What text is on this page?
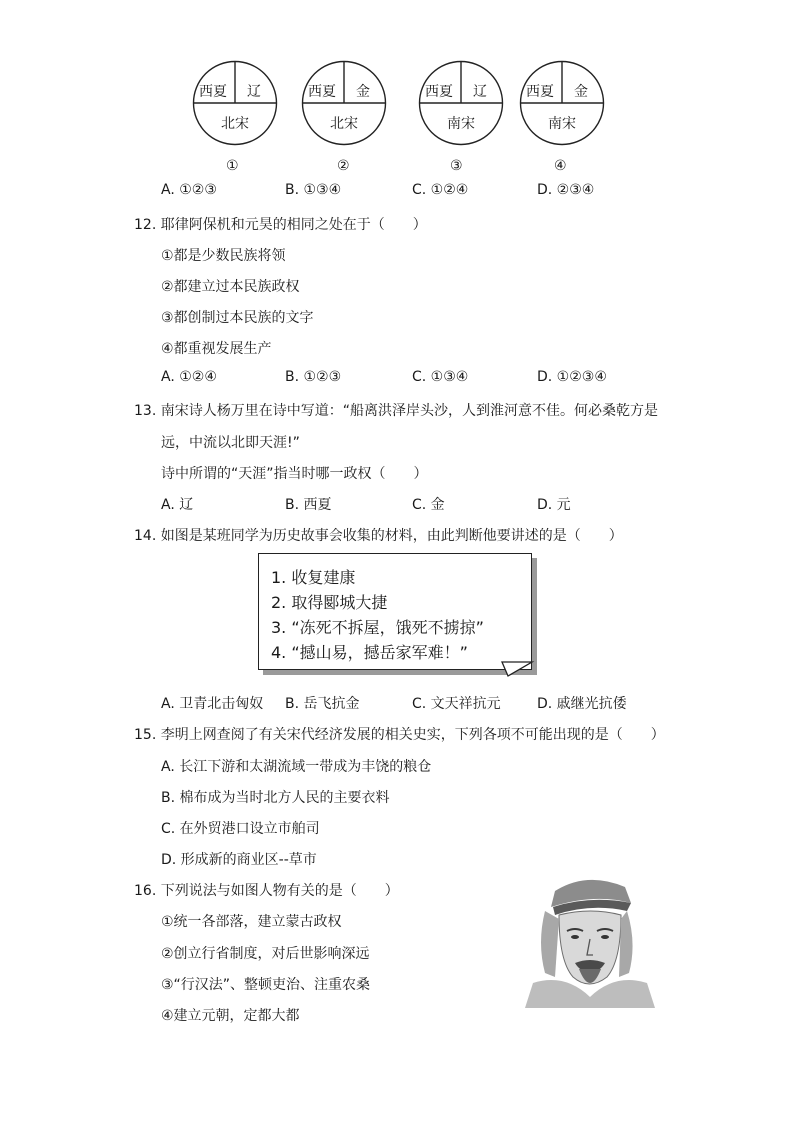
西夏 辽
北宋
西夏 金
北宋
西夏 辽
南宋
西夏 金
南宋
①	②	③	④
A. ①②③	B. ①③④	C. ①②④	D. ②③④
12. 耶律阿保机和元昊的相同之处在于（　　）
①都是少数民族将领
②都建立过本民族政权
③都创制过本民族的文字
④都重视发展生产
A. ①②④	B. ①②③	C. ①③④	D. ①②③④
13. 南宋诗人杨万里在诗中写道：“船离洪泽岸头沙，人到淮河意不佳。何必桑乾方是
远，中流以北即天涯!”
诗中所谓的“天涯”指当时哪一政权（　　）
A. 辽	B. 西夏	C. 金	D. 元
14. 如图是某班同学为历史故事会收集的材料，由此判断他要讲述的是（　　）
1. 收复建康
2. 取得郾城大捷
3. “冻死不拆屋，饿死不掳掠”
4. “撼山易，撼岳家军难！”
A. 卫青北击匈奴 B. 岳飞抗金	C. 文天祥抗元	D. 戚继光抗倭
15. 李明上网查阅了有关宋代经济发展的相关史实，下列各项不可能出现的是（　　）
A. 长江下游和太湖流域一带成为丰饶的粮仓
B. 棉布成为当时北方人民的主要衣料
C. 在外贸港口设立市舶司
D. 形成新的商业区--草市
16. 下列说法与如图人物有关的是（　　）
①统一各部落，建立蒙古政权
②创立行省制度，对后世影响深远
③“行汉法”、整顿吏治、注重农桑
④建立元朝，定都大都
